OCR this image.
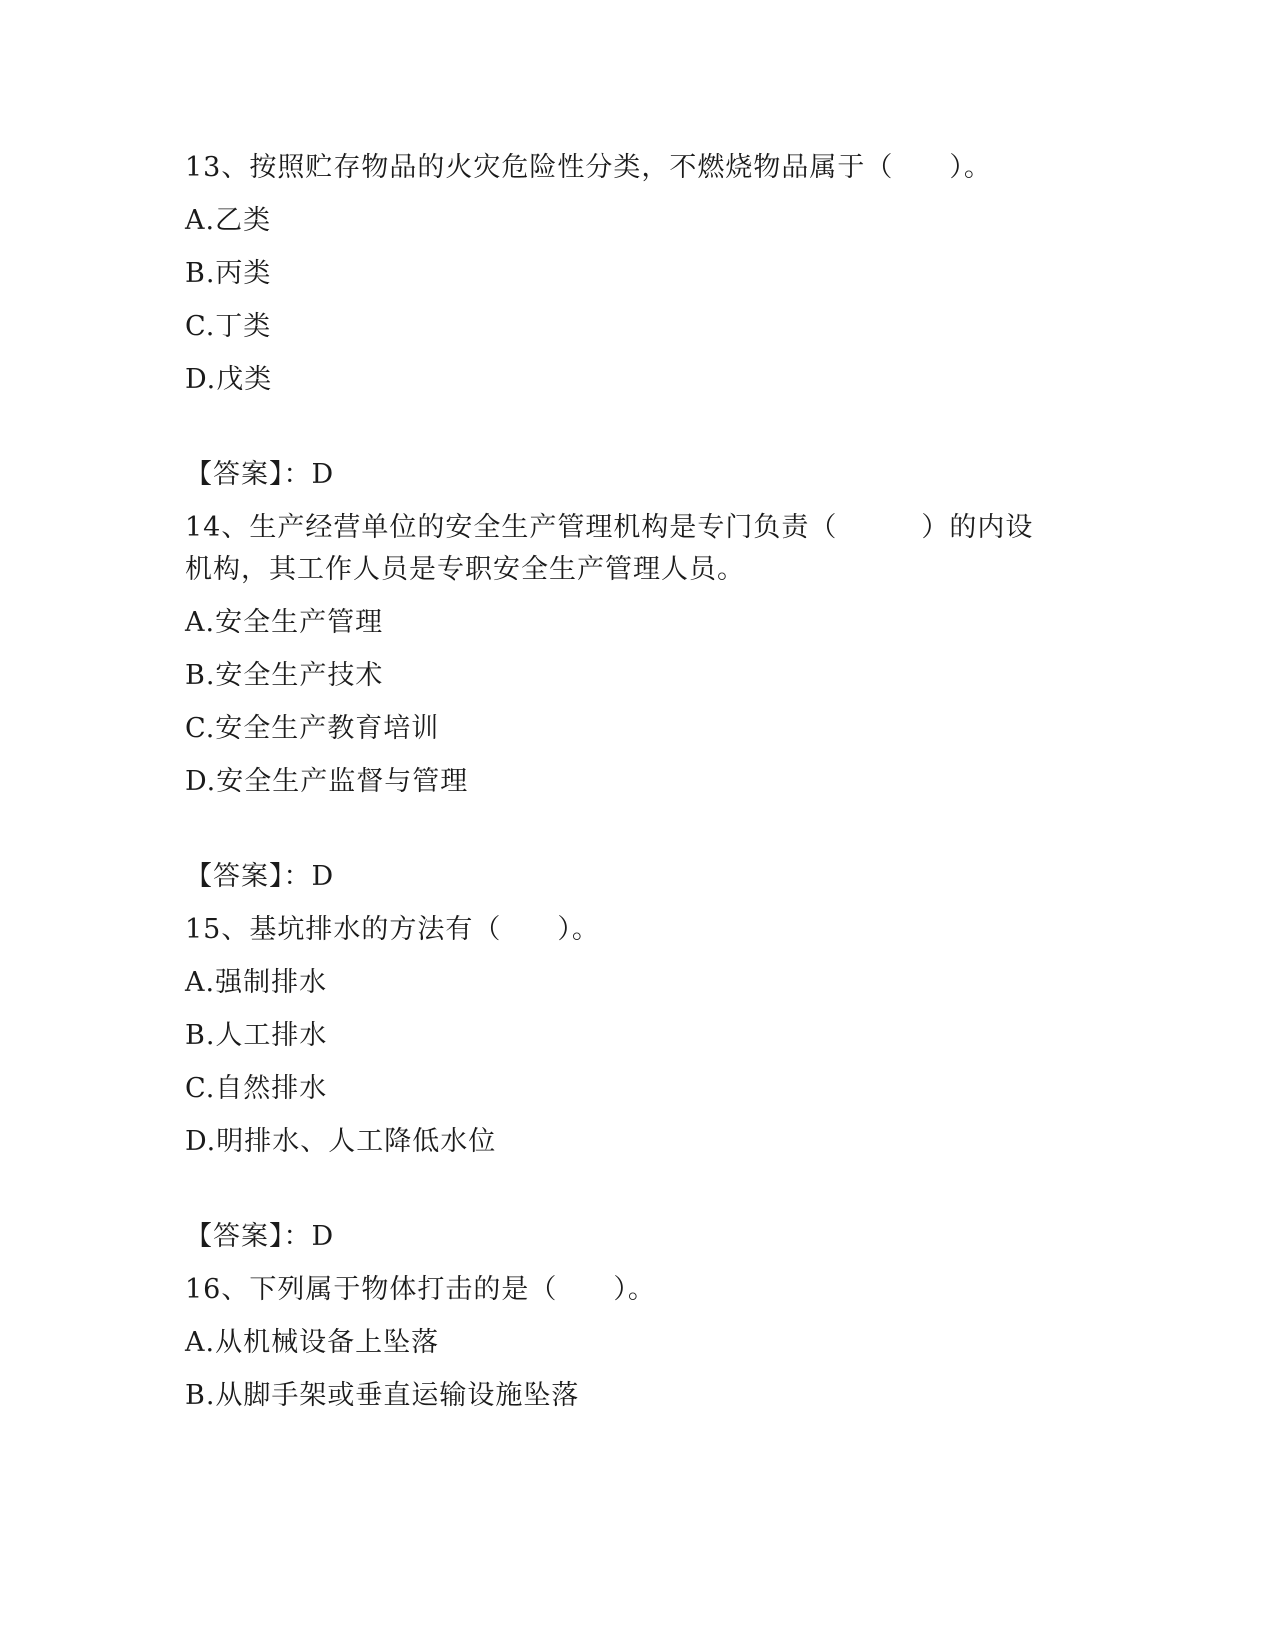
13、按照贮存物品的火灾危险性分类，不燃烧物品属于（　　）。
A.乙类
B.丙类
C.丁类
D.戊类
【答案】：D
14、生产经营单位的安全生产管理机构是专门负责（　　　）的内设
机构，其工作人员是专职安全生产管理人员。
A.安全生产管理
B.安全生产技术
C.安全生产教育培训
D.安全生产监督与管理
【答案】：D
15、基坑排水的方法有（　　）。
A.强制排水
B.人工排水
C.自然排水
D.明排水、人工降低水位
【答案】：D
16、下列属于物体打击的是（　　）。
A.从机械设备上坠落
B.从脚手架或垂直运输设施坠落
